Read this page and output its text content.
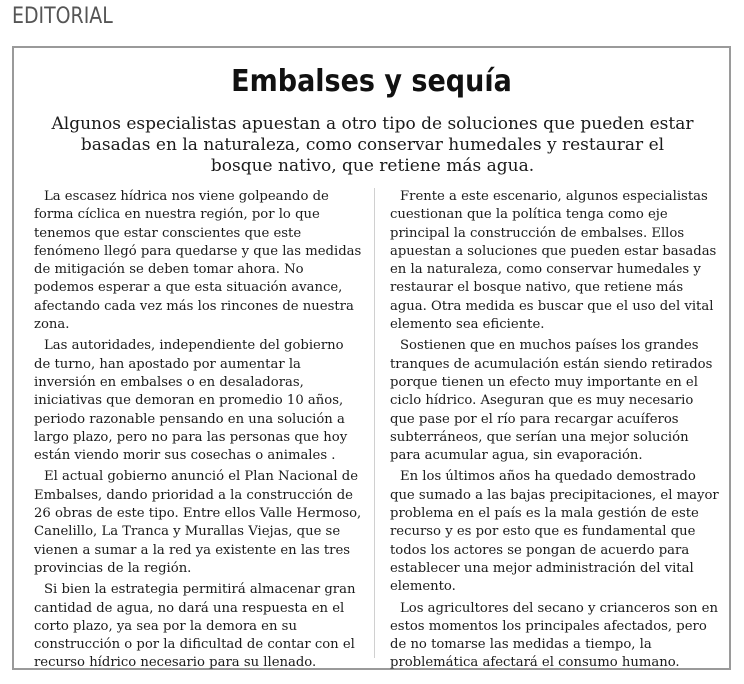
EDITORIAL
Embalses y sequía
Algunos especialistas apuestan a otro tipo de soluciones que pueden estar basadas en la naturaleza, como conservar humedales y restaurar el bosque nativo, que retiene más agua.

La escasez hídrica nos viene golpeando de forma cíclica en nuestra región, por lo que tenemos que estar conscientes que este fenómeno llegó para quedarse y que las medidas de mitigación se deben tomar ahora. No podemos esperar a que esta situación avance, afectando cada vez más los rincones de nuestra zona.

Las autoridades, independiente del gobierno de turno, han apostado por aumentar la inversión en embalses o en desaladoras, iniciativas que demoran en promedio 10 años, periodo razonable pensando en una solución a largo plazo, pero no para las personas que hoy están viendo morir sus cosechas o animales .

El actual gobierno anunció el Plan Nacional de Embalses, dando prioridad a la construcción de 26 obras de este tipo. Entre ellos Valle Hermoso, Canelillo, La Tranca y Murallas Viejas, que se vienen a sumar a la red ya existente en las tres provincias de la región.

Si bien la estrategia permitirá almacenar gran cantidad de agua, no dará una respuesta en el corto plazo, ya sea por la demora en su construcción o por la dificultad de contar con el recurso hídrico necesario para su llenado.

Frente a este escenario, algunos especialistas cuestionan que la política tenga como eje principal la construcción de embalses. Ellos apuestan a soluciones que pueden estar basadas en la naturaleza, como conservar humedales y restaurar el bosque nativo, que retiene más agua. Otra medida es buscar que el uso del vital elemento sea eficiente.

Sostienen que en muchos países los grandes tranques de acumulación están siendo retirados porque tienen un efecto muy importante en el ciclo hídrico. Aseguran que es muy necesario que pase por el río para recargar acuíferos subterráneos, que serían una mejor solución para acumular agua, sin evaporación.

En los últimos años ha quedado demostrado que sumado a las bajas precipitaciones, el mayor problema en el país es la mala gestión de este recurso y es por esto que es fundamental que todos los actores se pongan de acuerdo para establecer una mejor administración del vital elemento.

Los agricultores del secano y crianceros son en estos momentos los principales afectados, pero de no tomarse las medidas a tiempo, la problemática afectará el consumo humano.
